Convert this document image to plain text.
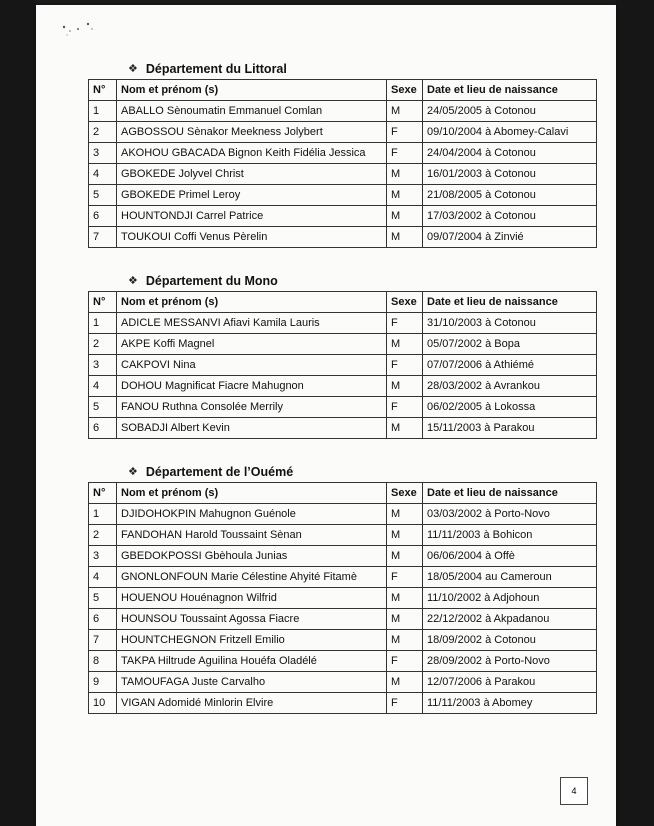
❖ Département du Littoral
N°	Nom et prénom (s)	Sexe	Date et lieu de naissance
1	ABALLO Sènoumatin Emmanuel Comlan	M	24/05/2005 à Cotonou
2	AGBOSSOU Sènakor Meekness Jolybert	F	09/10/2004 à Abomey-Calavi
3	AKOHOU GBACADA Bignon Keith Fidélia Jessica	F	24/04/2004 à Cotonou
4	GBOKEDE Jolyvel Christ	M	16/01/2003 à Cotonou
5	GBOKEDE Primel Leroy	M	21/08/2005 à Cotonou
6	HOUNTONDJI Carrel Patrice	M	17/03/2002 à Cotonou
7	TOUKOUI Coffi Venus Pèrelin	M	09/07/2004 à Zinvié
❖ Département du Mono
N°	Nom et prénom (s)	Sexe	Date et lieu de naissance
1	ADICLE MESSANVI Afiavi Kamila Lauris	F	31/10/2003 à Cotonou
2	AKPE Koffi Magnel	M	05/07/2002 à Bopa
3	CAKPOVI Nina	F	07/07/2006 à Athiémé
4	DOHOU Magnificat Fiacre Mahugnon	M	28/03/2002 à Avrankou
5	FANOU Ruthna Consolée Merrily	F	06/02/2005 à Lokossa
6	SOBADJI Albert Kevin	M	15/11/2003 à Parakou
❖ Département de l’Ouémé
N°	Nom et prénom (s)	Sexe	Date et lieu de naissance
1	DJIDOHOKPIN Mahugnon Guénole	M	03/03/2002 à Porto-Novo
2	FANDOHAN Harold Toussaint Sènan	M	11/11/2003 à Bohicon
3	GBEDOKPOSSI Gbèhoula Junias	M	06/06/2004 à Offè
4	GNONLONFOUN Marie Célestine Ahyité Fitamè	F	18/05/2004 au Cameroun
5	HOUENOU Houénagnon Wilfrid	M	11/10/2002 à Adjohoun
6	HOUNSOU Toussaint Agossa Fiacre	M	22/12/2002 à Akpadanou
7	HOUNTCHEGNON Fritzell Emilio	M	18/09/2002 à Cotonou
8	TAKPA Hiltrude Aguilina Houéfa Oladélé	F	28/09/2002 à Porto-Novo
9	TAMOUFAGA Juste Carvalho	M	12/07/2006 à Parakou
10	VIGAN Adomidé Minlorin Elvire	F	11/11/2003 à Abomey
4
